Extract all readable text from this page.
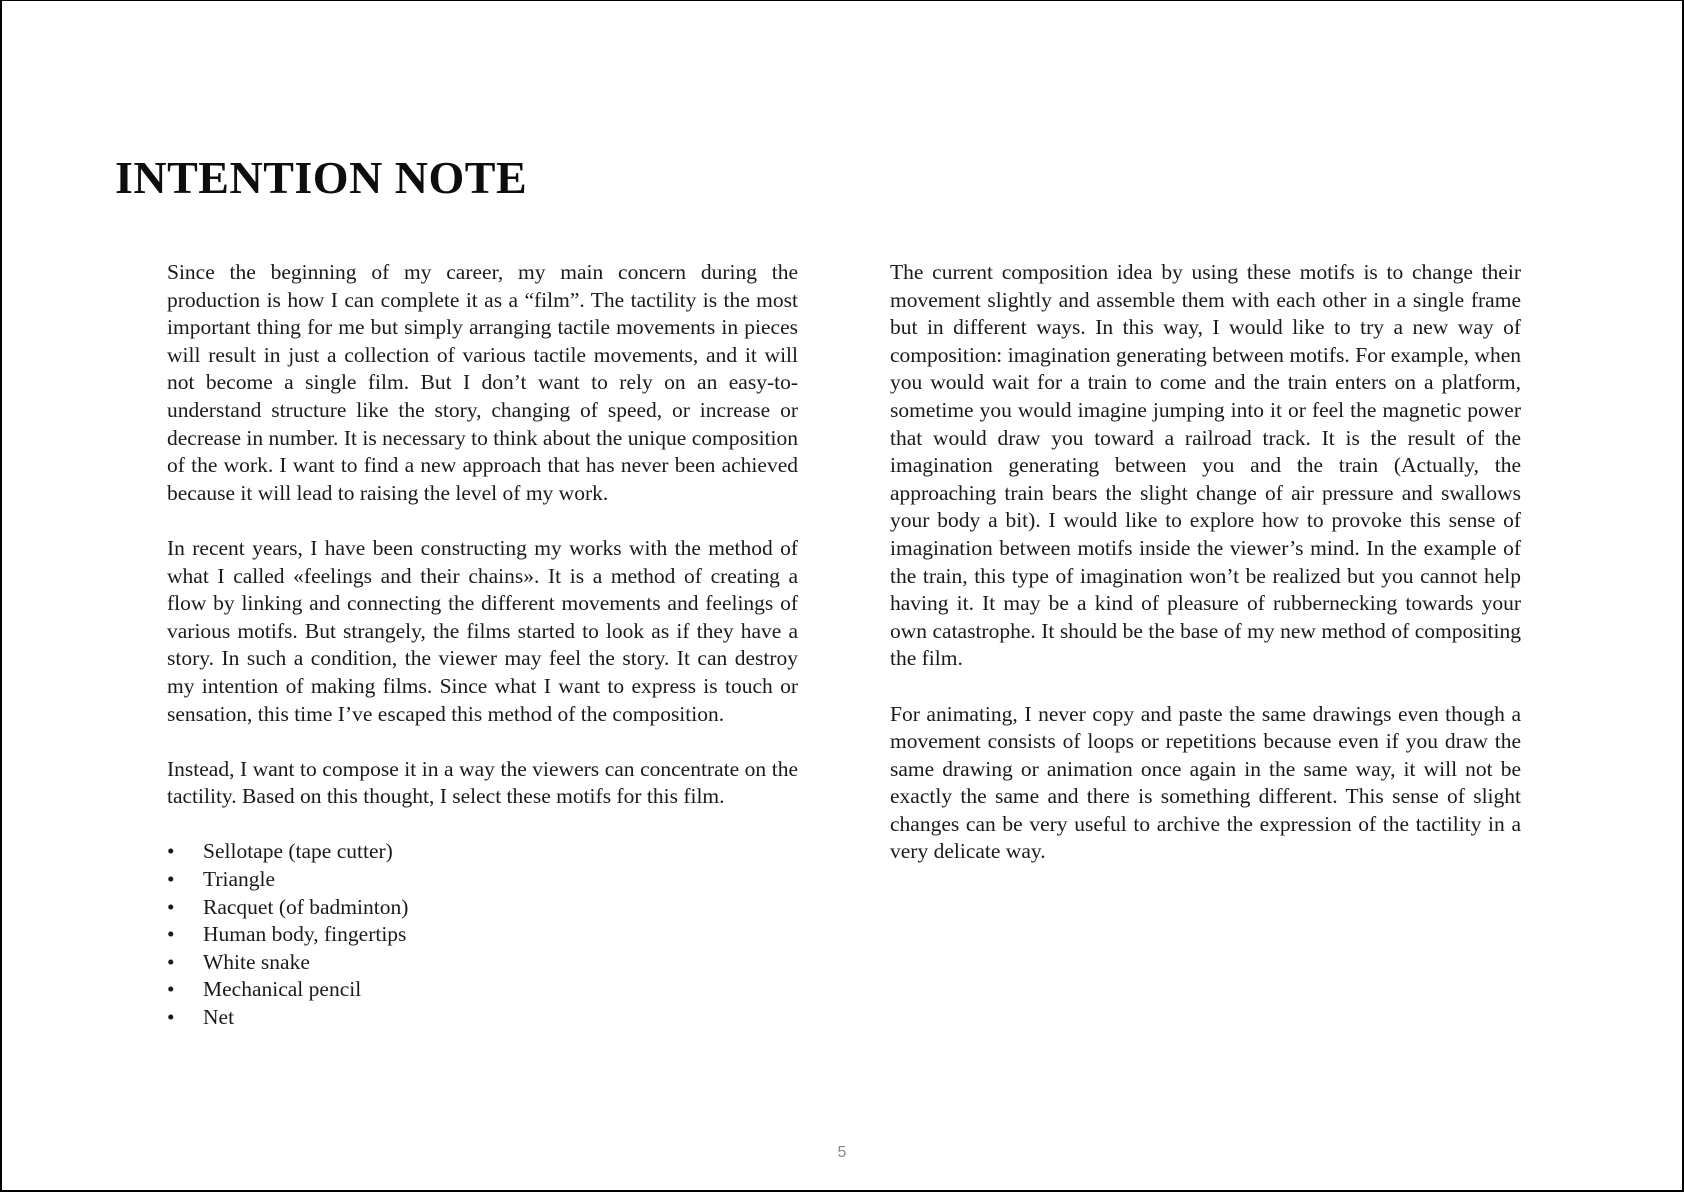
INTENTION NOTE

Since the beginning of my career, my main concern during the production is how I can complete it as a “film”. The tactility is the most important thing for me but simply arranging tactile movements in pieces will result in just a collection of various tactile movements, and it will not become a single film. But I don’t want to rely on an easy-to-understand structure like the story, changing of speed, or increase or decrease in number. It is necessary to think about the unique composition of the work. I want to find a new approach that has never been achieved because it will lead to raising the level of my work.

In recent years, I have been constructing my works with the method of what I called «feelings and their chains». It is a method of creating a flow by linking and connecting the different movements and feelings of various motifs. But strangely, the films started to look as if they have a story. In such a condition, the viewer may feel the story. It can destroy my intention of making films. Since what I want to express is touch or sensation, this time I’ve escaped this method of the composition.

Instead, I want to compose it in a way the viewers can concentrate on the tactility. Based on this thought, I select these motifs for this film.

• Sellotape (tape cutter)
• Triangle
• Racquet (of badminton)
• Human body, fingertips
• White snake
• Mechanical pencil
• Net

The current composition idea by using these motifs is to change their movement slightly and assemble them with each other in a single frame but in different ways. In this way, I would like to try a new way of composition: imagination generating between motifs. For example, when you would wait for a train to come and the train enters on a platform, sometime you would imagine jumping into it or feel the magnetic power that would draw you toward a railroad track. It is the result of the imagination generating between you and the train (Actually, the approaching train bears the slight change of air pressure and swallows your body a bit). I would like to explore how to provoke this sense of imagination between motifs inside the viewer’s mind. In the example of the train, this type of imagination won’t be realized but you cannot help having it. It may be a kind of pleasure of rubbernecking towards your own catastrophe. It should be the base of my new method of compositing the film.

For animating, I never copy and paste the same drawings even though a movement consists of loops or repetitions because even if you draw the same drawing or animation once again in the same way, it will not be exactly the same and there is something different. This sense of slight changes can be very useful to archive the expression of the tactility in a very delicate way.

5
